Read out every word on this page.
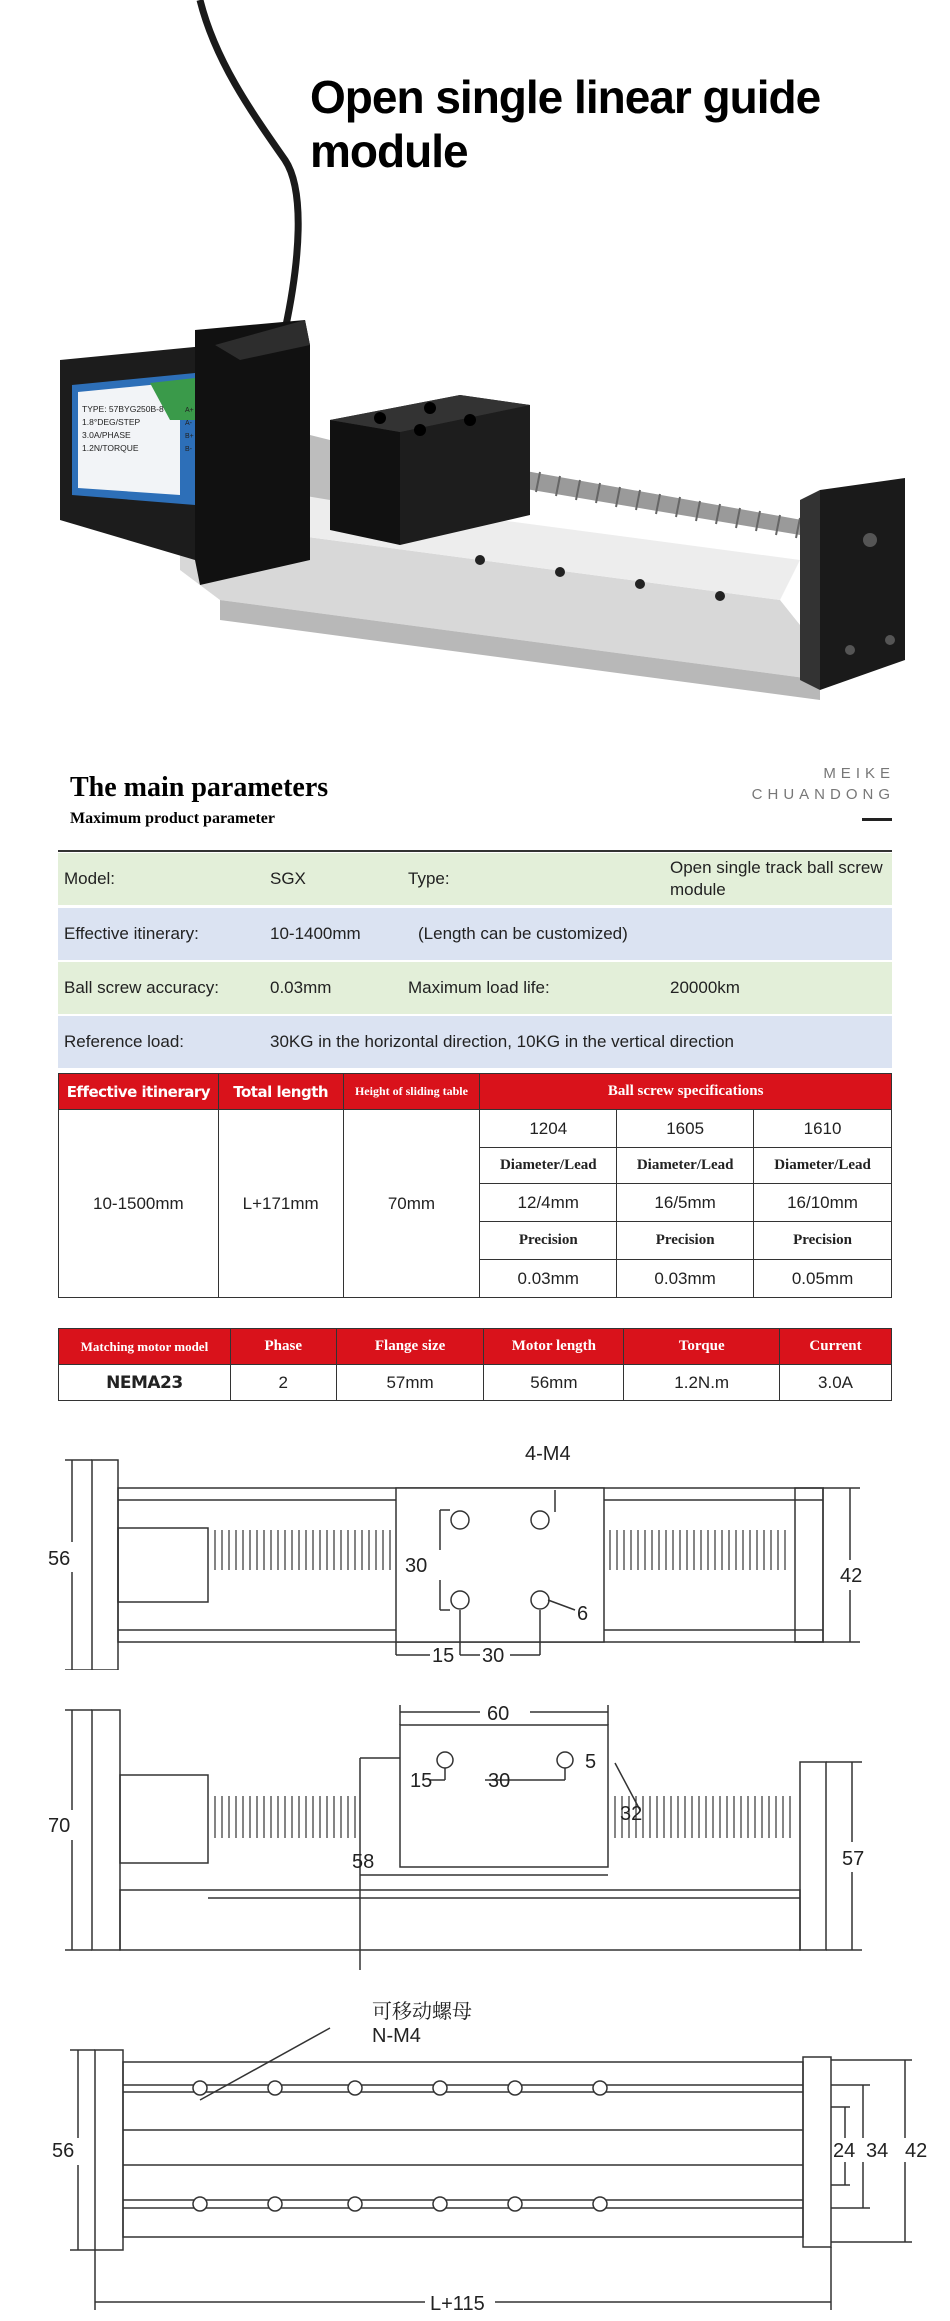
TYPE: 57BYG250B-8
1.8°DEG/STEP
3.0A/PHASE
1.2N/TORQUE
A+
A-
B+
B-
Open single linear guide module
The main parameters
Maximum product parameter
MEIKE
CHUANDONG
Model:	SGX	Type:
Open single track ball screw module
Effective itinerary:	10-1400mm	(Length can be customized)
Ball screw accuracy:	0.03mm	Maximum load life:	20000km
Reference load:	30KG in the horizontal direction, 10KG in the vertical direction
Effective itinerary	Total length	Height of sliding table	Ball screw specifications		
10-1500mm	L+171mm	70mm	1204	1605	1610
			Diameter/Lead	Diameter/Lead	Diameter/Lead
			12/4mm	16/5mm	16/10mm
			Precision	Precision	Precision
			0.03mm	0.03mm	0.05mm
Matching motor model	Phase	Flange size	Motor length	Torque	Current
NEMA23	2	57mm	56mm	1.2N.m	3.0A
4-M4
56
42
30
15 30
6
70
57
60
15	30
5
32
58
可移动螺母
N-M4
56	24 34 42
L+115
